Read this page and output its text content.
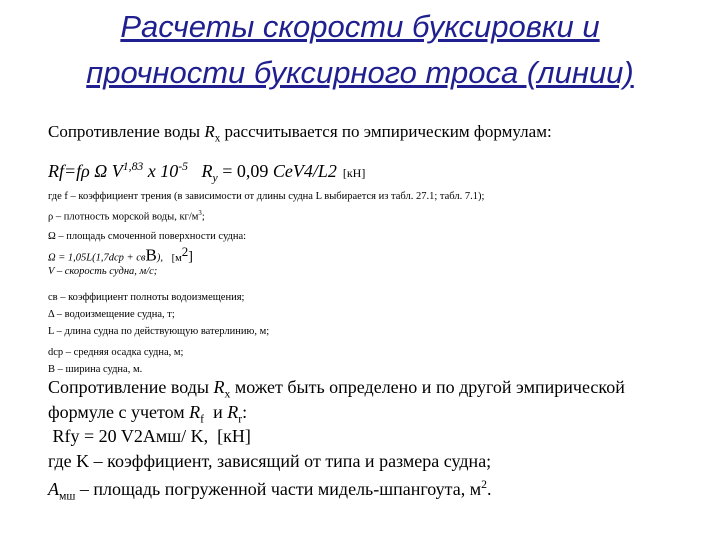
Расчеты скорости буксировки и
прочности буксирного троса (линии)
Сопротивление воды $R_x$ рассчитывается по эмпирическим формулам:
Rf=fρ Ω V$^{1,83}$ x $10^{-5}$   $R_y = 0,09$ CeV4/L2 [кН]
где f – коэффициент трения (в зависимости от длины судна L выбирается из табл. 27.1; табл. 7.1);
ρ – плотность морской воды, $кг/м^3$;
Ω – площадь смоченной поверхности судна:
Ω = 1,05L(1,7dср + cвB), $[м^2]$
V – скорость судна, м/с;
cв – коэффициент полноты водоизмещения;
Δ – водоизмещение судна, т;
L – длина судна по действующую ватерлинию, м;
dср – средняя осадка судна, м;
B – ширина судна, м.
Сопротивление воды $R_x$ может быть определено и по другой эмпирической
формуле с учетом $R_f$  и $R_r$:
Rfy = 20 V2Aмш/ K,  [кН]
где K – коэффициент, зависящий от типа и размера судна;
$A_{мш}$ – площадь погруженной части мидель-шпангоута, $м^2$.
